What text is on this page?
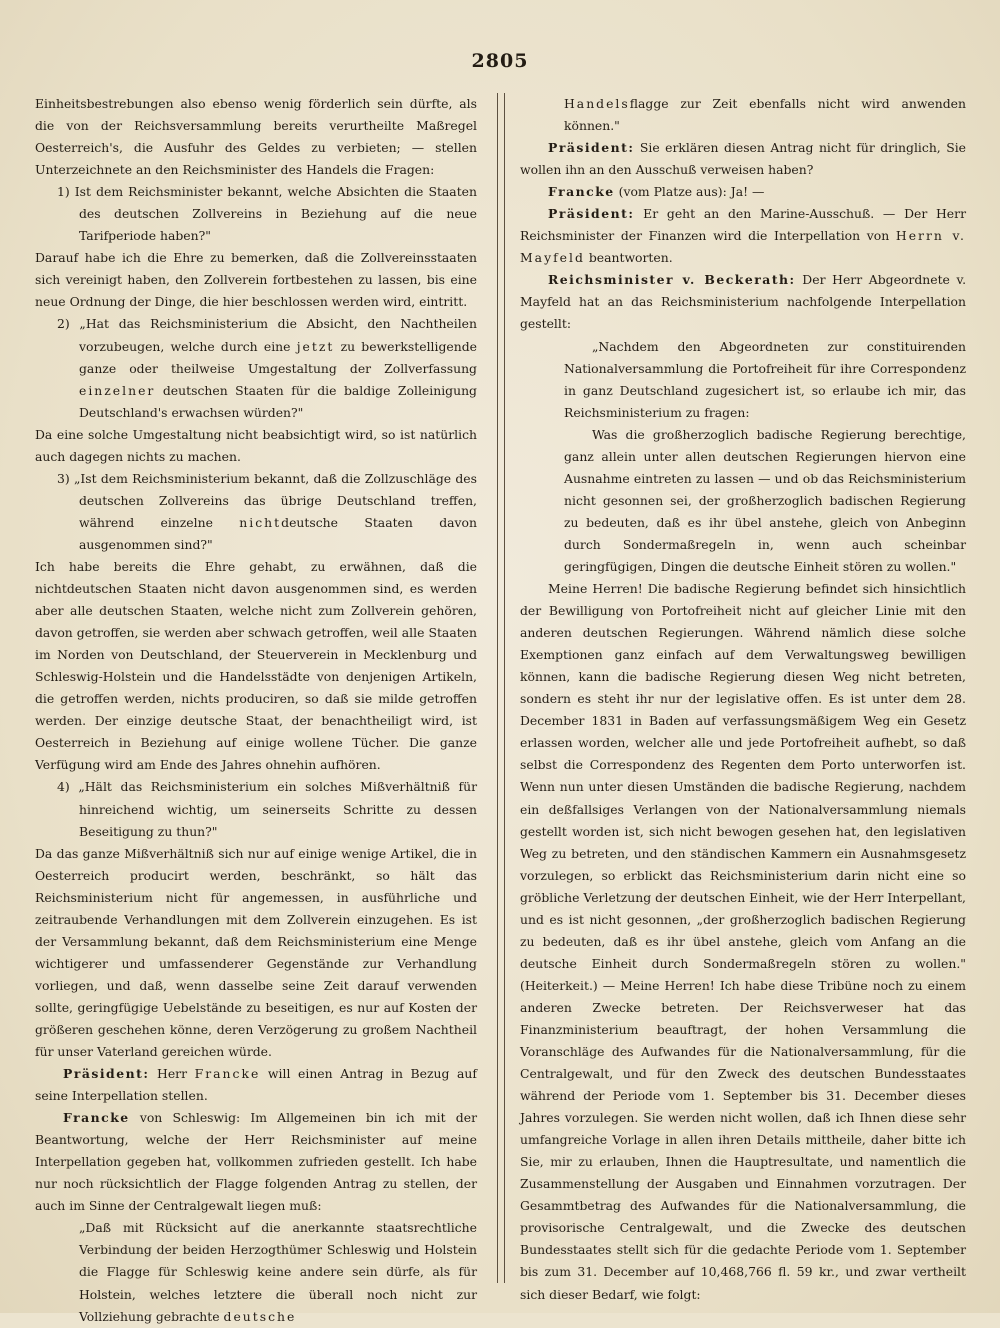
2805

Einheitsbestrebungen also ebenso wenig förderlich sein dürfte, als die von der Reichsversammlung bereits verurtheilte Maßregel Oesterreich's, die Ausfuhr des Geldes zu verbieten; — stellen Unterzeichnete an den Reichsminister des Handels die Fragen:

1) Ist dem Reichsminister bekannt, welche Absichten die Staaten des deutschen Zollvereins in Beziehung auf die neue Tarifperiode haben?"

Darauf habe ich die Ehre zu bemerken, daß die Zollvereinsstaaten sich vereinigt haben, den Zollverein fortbestehen zu lassen, bis eine neue Ordnung der Dinge, die hier beschlossen werden wird, eintritt.

2) „Hat das Reichsministerium die Absicht, den Nachtheilen vorzubeugen, welche durch eine jetzt zu bewerkstelligende ganze oder theilweise Umgestaltung der Zollverfassung einzelner deutschen Staaten für die baldige Zolleinigung Deutschland's erwachsen würden?"

Da eine solche Umgestaltung nicht beabsichtigt wird, so ist natürlich auch dagegen nichts zu machen.

3) „Ist dem Reichsministerium bekannt, daß die Zollzuschläge des deutschen Zollvereins das übrige Deutschland treffen, während einzelne nichtdeutsche Staaten davon ausgenommen sind?"

Ich habe bereits die Ehre gehabt, zu erwähnen, daß die nichtdeutschen Staaten nicht davon ausgenommen sind, es werden aber alle deutschen Staaten, welche nicht zum Zollverein gehören, davon getroffen, sie werden aber schwach getroffen, weil alle Staaten im Norden von Deutschland, der Steuerverein in Mecklenburg und Schleswig-Holstein und die Handelsstädte von denjenigen Artikeln, die getroffen werden, nichts produciren, so daß sie milde getroffen werden. Der einzige deutsche Staat, der benachtheiligt wird, ist Oesterreich in Beziehung auf einige wollene Tücher. Die ganze Verfügung wird am Ende des Jahres ohnehin aufhören.

4) „Hält das Reichsministerium ein solches Mißverhältniß für hinreichend wichtig, um seinerseits Schritte zu dessen Beseitigung zu thun?"

Da das ganze Mißverhältniß sich nur auf einige wenige Artikel, die in Oesterreich producirt werden, beschränkt, so hält das Reichsministerium nicht für angemessen, in ausführliche und zeitraubende Verhandlungen mit dem Zollverein einzugehen. Es ist der Versammlung bekannt, daß dem Reichsministerium eine Menge wichtigerer und umfassenderer Gegenstände zur Verhandlung vorliegen, und daß, wenn dasselbe seine Zeit darauf verwenden sollte, geringfügige Uebelstände zu beseitigen, es nur auf Kosten der größeren geschehen könne, deren Verzögerung zu großem Nachtheil für unser Vaterland gereichen würde.

Präsident: Herr Francke will einen Antrag in Bezug auf seine Interpellation stellen.

Francke von Schleswig: Im Allgemeinen bin ich mit der Beantwortung, welche der Herr Reichsminister auf meine Interpellation gegeben hat, vollkommen zufrieden gestellt. Ich habe nur noch rücksichtlich der Flagge folgenden Antrag zu stellen, der auch im Sinne der Centralgewalt liegen muß:

„Daß mit Rücksicht auf die anerkannte staatsrechtliche Verbindung der beiden Herzogthümer Schleswig und Holstein die Flagge für Schleswig keine andere sein dürfe, als für Holstein, welches letztere die überall noch nicht zur Vollziehung gebrachte deutsche

Handelsflagge zur Zeit ebenfalls nicht wird anwenden können."

Präsident: Sie erklären diesen Antrag nicht für dringlich, Sie wollen ihn an den Ausschuß verweisen haben?

Francke (vom Platze aus): Ja! —

Präsident: Er geht an den Marine-Ausschuß. — Der Herr Reichsminister der Finanzen wird die Interpellation von Herrn v. Mayfeld beantworten.

Reichsminister v. Beckerath: Der Herr Abgeordnete v. Mayfeld hat an das Reichsministerium nachfolgende Interpellation gestellt:

„Nachdem den Abgeordneten zur constituirenden Nationalversammlung die Portofreiheit für ihre Correspondenz in ganz Deutschland zugesichert ist, so erlaube ich mir, das Reichsministerium zu fragen:

Was die großherzoglich badische Regierung berechtige, ganz allein unter allen deutschen Regierungen hiervon eine Ausnahme eintreten zu lassen — und ob das Reichsministerium nicht gesonnen sei, der großherzoglich badischen Regierung zu bedeuten, daß es ihr übel anstehe, gleich von Anbeginn durch Sondermaßregeln in, wenn auch scheinbar geringfügigen, Dingen die deutsche Einheit stören zu wollen."

Meine Herren! Die badische Regierung befindet sich hinsichtlich der Bewilligung von Portofreiheit nicht auf gleicher Linie mit den anderen deutschen Regierungen. Während nämlich diese solche Exemptionen ganz einfach auf dem Verwaltungsweg bewilligen können, kann die badische Regierung diesen Weg nicht betreten, sondern es steht ihr nur der legislative offen. Es ist unter dem 28. December 1831 in Baden auf verfassungsmäßigem Weg ein Gesetz erlassen worden, welcher alle und jede Portofreiheit aufhebt, so daß selbst die Correspondenz des Regenten dem Porto unterworfen ist. Wenn nun unter diesen Umständen die badische Regierung, nachdem ein deßfallsiges Verlangen von der Nationalversammlung niemals gestellt worden ist, sich nicht bewogen gesehen hat, den legislativen Weg zu betreten, und den ständischen Kammern ein Ausnahmsgesetz vorzulegen, so erblickt das Reichsministerium darin nicht eine so gröbliche Verletzung der deutschen Einheit, wie der Herr Interpellant, und es ist nicht gesonnen, „der großherzoglich badischen Regierung zu bedeuten, daß es ihr übel anstehe, gleich vom Anfang an die deutsche Einheit durch Sondermaßregeln stören zu wollen." (Heiterkeit.) — Meine Herren! Ich habe diese Tribüne noch zu einem anderen Zwecke betreten. Der Reichsverweser hat das Finanzministerium beauftragt, der hohen Versammlung die Voranschläge des Aufwandes für die Nationalversammlung, für die Centralgewalt, und für den Zweck des deutschen Bundesstaates während der Periode vom 1. September bis 31. December dieses Jahres vorzulegen. Sie werden nicht wollen, daß ich Ihnen diese sehr umfangreiche Vorlage in allen ihren Details mittheile, daher bitte ich Sie, mir zu erlauben, Ihnen die Hauptresultate, und namentlich die Zusammenstellung der Ausgaben und Einnahmen vorzutragen. Der Gesammtbetrag des Aufwandes für die Nationalversammlung, die provisorische Centralgewalt, und die Zwecke des deutschen Bundesstaates stellt sich für die gedachte Periode vom 1. September bis zum 31. December auf 10,468,766 fl. 59 kr., und zwar vertheilt sich dieser Bedarf, wie folgt:
